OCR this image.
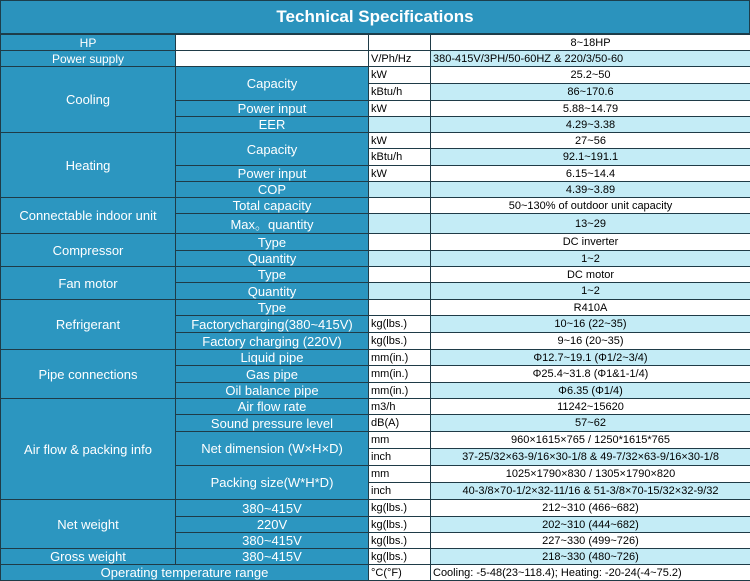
Technical Specifications
HP			8~18HP
Power supply		V/Ph/Hz	380-415V/3PH/50-60HZ & 220/3/50-60
Cooling	Capacity	kW	25.2~50
		kBtu/h	86~170.6
	Power input	kW	5.88~14.79
	EER		4.29~3.38
Heating	Capacity	kW	27~56
		kBtu/h	92.1~191.1
	Power input	kW	6.15~14.4
	COP		4.39~3.89
Connectable indoor unit	Total capacity		50~130% of outdoor unit capacity
	Max。quantity		13~29
Compressor	Type		DC inverter
	Quantity		1~2
Fan motor	Type		DC motor
	Quantity		1~2
Refrigerant	Type		R410A
	Factorycharging(380~415V)	kg(lbs.)	10~16 (22~35)
	Factory charging (220V)	kg(lbs.)	9~16 (20~35)
Pipe connections	Liquid pipe	mm(in.)	Φ12.7~19.1 (Φ1/2~3/4)
	Gas pipe	mm(in.)	Φ25.4~31.8 (Φ1&1-1/4)
	Oil balance pipe	mm(in.)	Φ6.35 (Φ1/4)
Air flow & packing info	Air flow rate	m3/h	11242~15620
	Sound pressure level	dB(A)	57~62
	Net dimension (W×H×D)	mm	960×1615×765 / 1250*1615*765
		inch	37-25/32×63-9/16×30-1/8 & 49-7/32×63-9/16×30-1/8
	Packing size(W*H*D)	mm	1025×1790×830 / 1305×1790×820
		inch	40-3/8×70-1/2×32-11/16 & 51-3/8×70-15/32×32-9/32
Net weight	380~415V	kg(lbs.)	212~310 (466~682)
	220V	kg(lbs.)	202~310 (444~682)
	380~415V	kg(lbs.)	227~330 (499~726)
Gross weight	380~415V	kg(lbs.)	218~330 (480~726)
Operating temperature range		°C(°F)	Cooling: -5-48(23~118.4); Heating: -20-24(-4~75.2)
